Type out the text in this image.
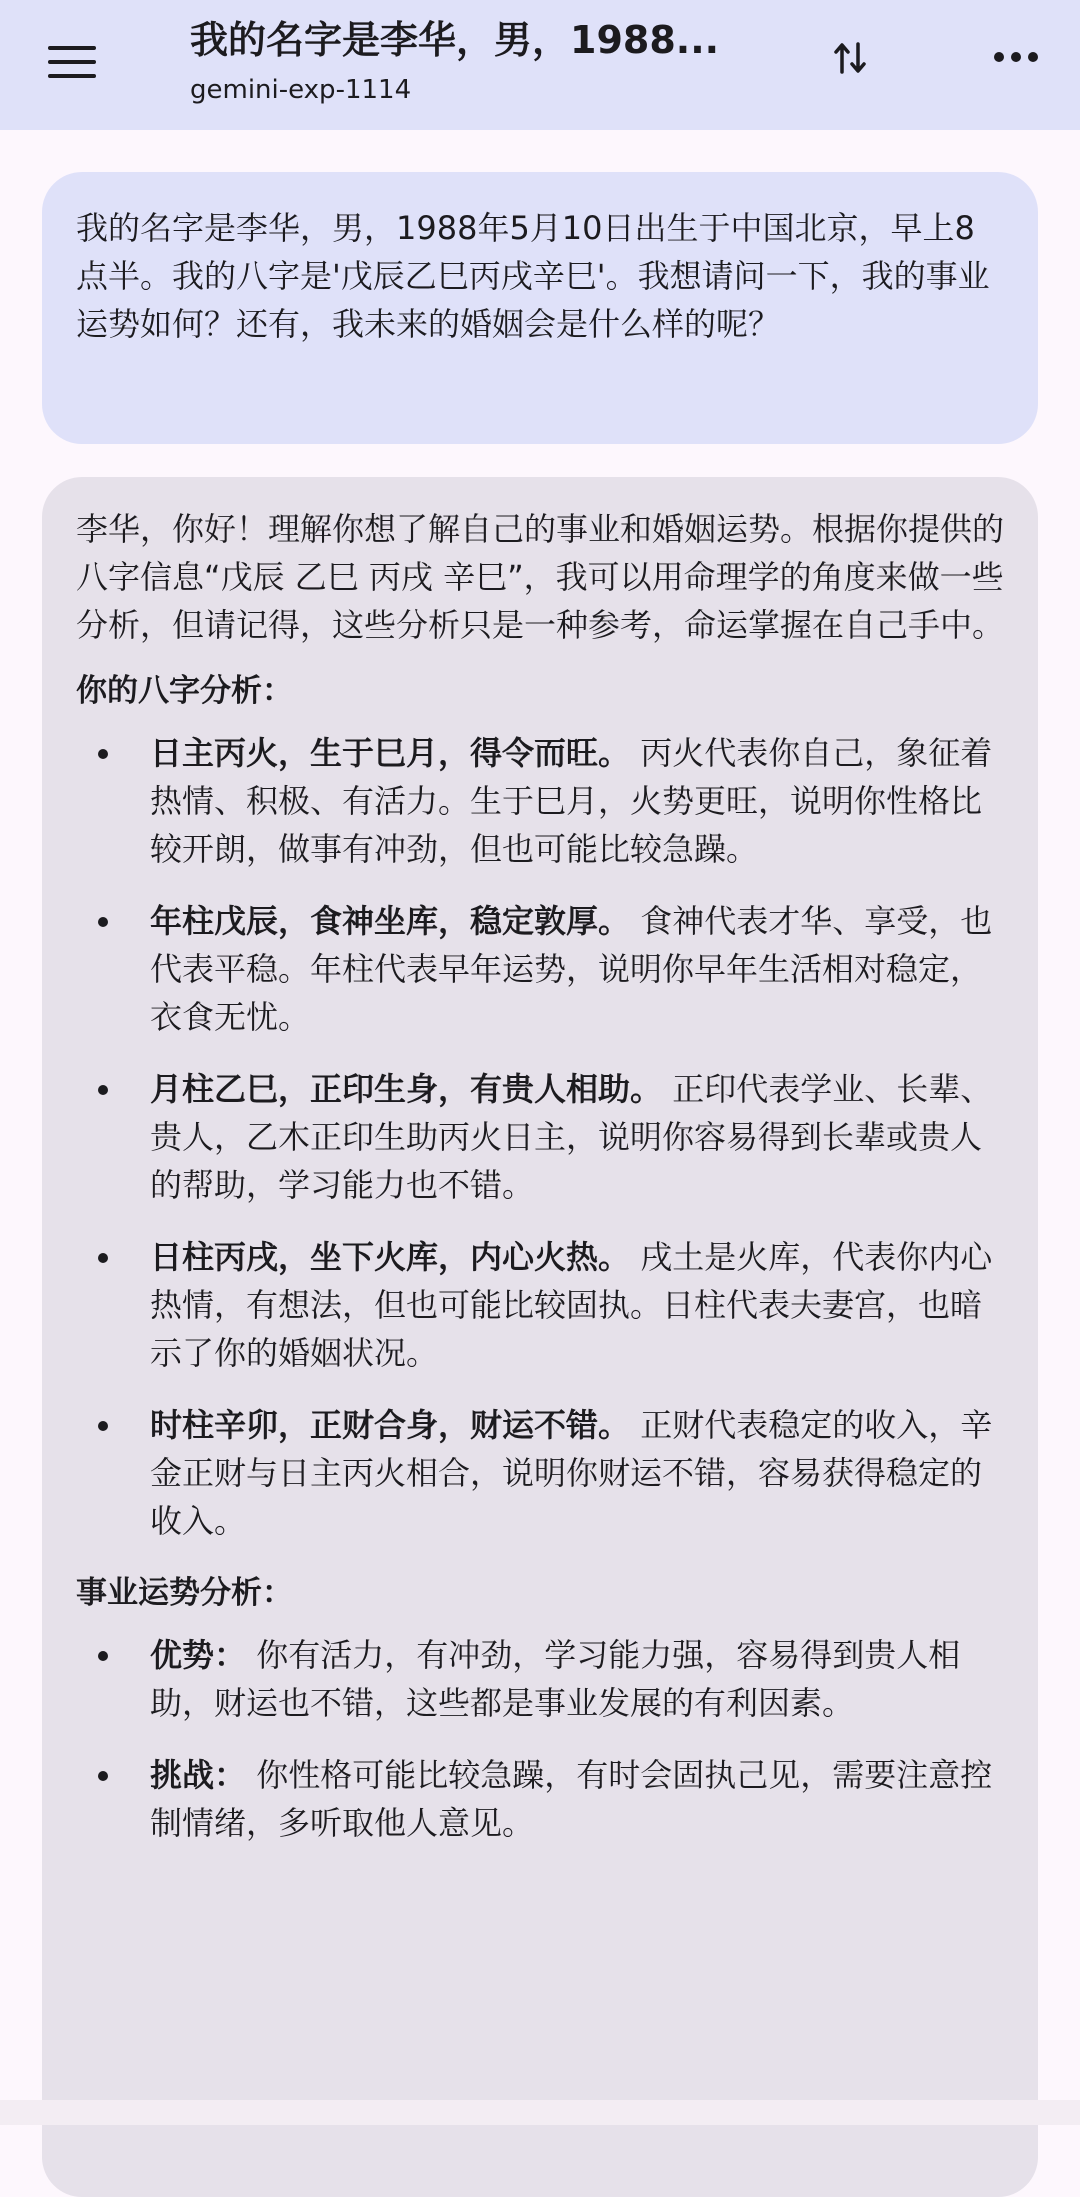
我的名字是李华，男，1988...
gemini-exp-1114

我的名字是李华，男，1988年5月10日出生于中国北京，早上8点半。我的八字是'戊辰乙巳丙戌辛巳'。我想请问一下，我的事业运势如何？还有，我未来的婚姻会是什么样的呢？

李华，你好！理解你想了解自己的事业和婚姻运势。根据你提供的八字信息“戊辰 乙巳 丙戌 辛巳”，我可以用命理学的角度来做一些分析，但请记得，这些分析只是一种参考，命运掌握在自己手中。

你的八字分析：
日主丙火，生于巳月，得令而旺。 丙火代表你自己，象征着热情、积极、有活力。生于巳月，火势更旺，说明你性格比较开朗，做事有冲劲，但也可能比较急躁。
年柱戊辰，食神坐库，稳定敦厚。 食神代表才华、享受，也代表平稳。年柱代表早年运势，说明你早年生活相对稳定，衣食无忧。
月柱乙巳，正印生身，有贵人相助。 正印代表学业、长辈、贵人，乙木正印生助丙火日主，说明你容易得到长辈或贵人的帮助，学习能力也不错。
日柱丙戌，坐下火库，内心火热。 戌土是火库，代表你内心热情，有想法，但也可能比较固执。日柱代表夫妻宫，也暗示了你的婚姻状况。
时柱辛卯，正财合身，财运不错。 正财代表稳定的收入，辛金正财与日主丙火相合，说明你财运不错，容易获得稳定的收入。
事业运势分析：
优势： 你有活力，有冲劲，学习能力强，容易得到贵人相助，财运也不错，这些都是事业发展的有利因素。
挑战： 你性格可能比较急躁，有时会固执己见，需要注意控制情绪，多听取他人意见。
